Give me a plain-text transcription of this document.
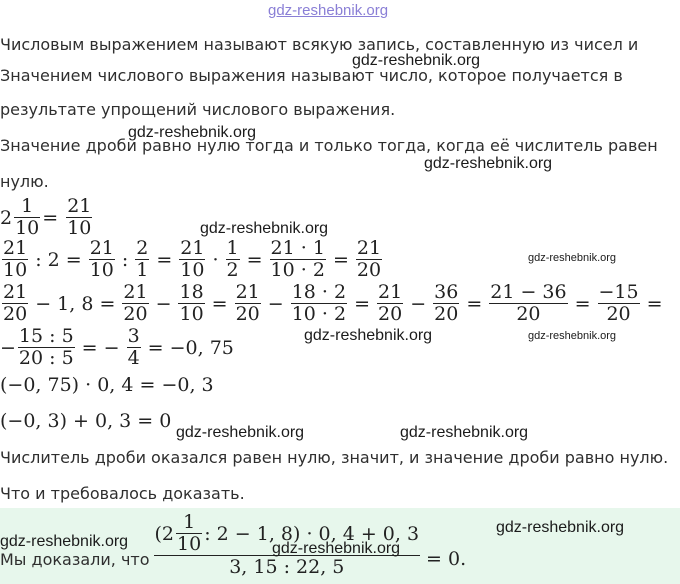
gdz-reshebnik.org
Числовым выражением называют всякую запись, составленную из чисел и
gdz-reshebnik.org
Значением числового выражения называют число, которое получается в
результате упрощений числового выражения.
gdz-reshebnik.org
Значение дроби равно нулю тогда и только тогда, когда её числитель равен
gdz-reshebnik.org
нулю.
$2 \frac{1}{10} = \frac{21}{10}$	gdz-reshebnik.org
$\frac{21}{10}$ : $2 = \frac{21}{10}$ : $\frac{2}{1} = \frac{21}{10} \cdot \frac{1}{2} = \frac{21 \cdot 1}{10 \cdot 2} = \frac{21}{20}$	gdz-reshebnik.org
$\frac{21}{20} - 1$, $8 = \frac{21}{20} - \frac{18}{10} = \frac{21}{20} - \frac{18 \cdot 2}{10 \cdot 2} = \frac{21}{20} - \frac{36}{20} = \frac{21 - 36}{20} = \frac{-15}{20}$ =
gdz-reshebnik.org
− $\frac{15 : 5}{20 : 5}$ = − $\frac{3}{4} = -0$, 75
gdz-reshebnik.org
(−0, 75) · 0, 4 = −0, 3
(−0, 3) + 0, 3 = 0
gdz-reshebnik.org	gdz-reshebnik.org
Числитель дроби оказался равен нулю, значит, и значение дроби равно нулю.
Что и требовалось доказать.
gdz-reshebnik.org
gdz-reshebnik.org
Мы доказали, что $\frac{(2 \frac{1}{10} : 2 - 1, 8) \cdot 0, 4 + 0, 3}{3, 15 : 22, 5} = 0$.
gdz-reshebnik.org
